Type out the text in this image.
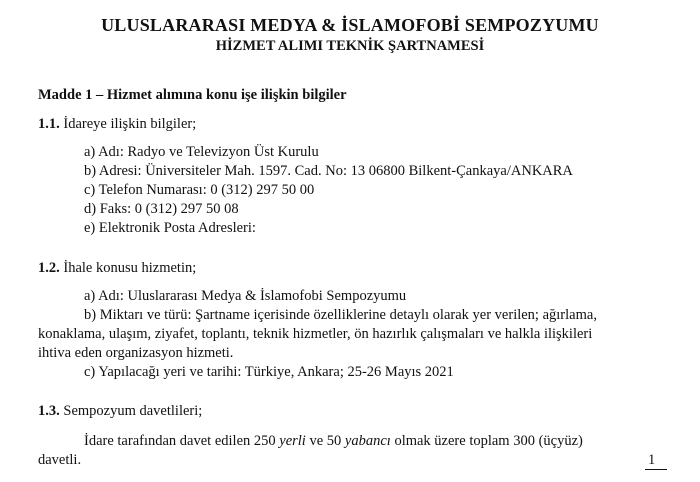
ULUSLARARASI MEDYA & İSLAMOFOBİ SEMPOZYUMU
HİZMET ALIMI TEKNİK ŞARTNAMESİ
Madde 1 – Hizmet alımına konu işe ilişkin bilgiler
1.1. İdareye ilişkin bilgiler;
a) Adı: Radyo ve Televizyon Üst Kurulu
b) Adresi: Üniversiteler Mah. 1597. Cad. No: 13 06800 Bilkent-Çankaya/ANKARA
c) Telefon Numarası: 0 (312) 297 50 00
d) Faks: 0 (312) 297 50 08
e) Elektronik Posta Adresleri:
1.2. İhale konusu hizmetin;
a) Adı: Uluslararası Medya & İslamofobi Sempozyumu
b) Miktarı ve türü: Şartname içerisinde özelliklerine detaylı olarak yer verilen; ağırlama,
konaklama, ulaşım, ziyafet, toplantı, teknik hizmetler, ön hazırlık çalışmaları ve halkla ilişkileri
ihtiva eden organizasyon hizmeti.
c) Yapılacağı yeri ve tarihi: Türkiye, Ankara; 25-26 Mayıs 2021
1.3. Sempozyum davetlileri;
İdare tarafından davet edilen 250 yerli ve 50 yabancı olmak üzere toplam 300 (üçyüz)
davetli.	1
